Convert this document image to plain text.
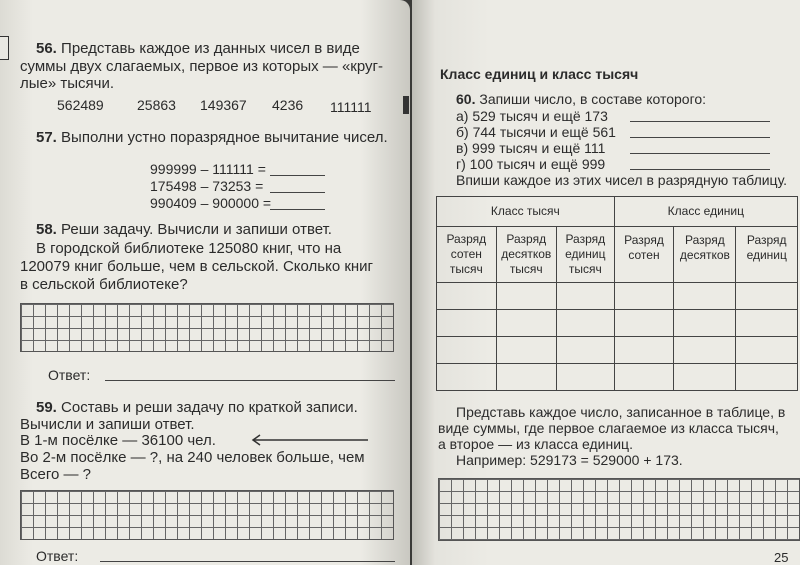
56. Представь каждое из данных чисел в виде
суммы двух слагаемых, первое из которых — «круг-
лые» тысячи.
562489 25863 149367 4236 111111
57. Выполни устно поразрядное вычитание чисел.
999999 – 111111 =
175498 – 73253 =
990409 – 900000 =
58. Реши задачу. Вычисли и запиши ответ.
В городской библиотеке 125080 книг, что на
120079 книг больше, чем в сельской. Сколько книг
в сельской библиотеке?
Ответ:
59. Составь и реши задачу по краткой записи.
Вычисли и запиши ответ.
В 1-м посёлке — 36100 чел.
Во 2-м посёлке — ?, на 240 человек больше, чем
Всего — ?
Ответ:
Класс единиц и класс тысяч
60. Запиши число, в составе которого:
а) 529 тысяч и ещё 173
б) 744 тысячи и ещё 561
в) 999 тысяч и ещё 111
г) 100 тысяч и ещё 999
Впиши каждое из этих чисел в разрядную таблицу.
Класс тысяч			Класс единиц		
Разряд
сотен
тысяч	Разряд
десятков
тысяч	Разряд
единиц
тысяч	Разряд
сотен	Разряд
десятков	Разряд
единиц

Представь каждое число, записанное в таблице, в
виде суммы, где первое слагаемое из класса тысяч,
а второе — из класса единиц.
Например: 529173 = 529000 + 173.
25
